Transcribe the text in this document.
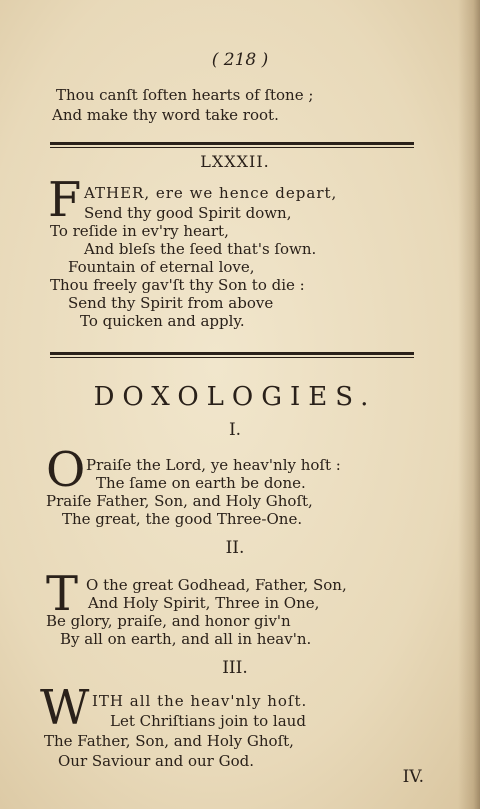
( 218 )
Thou canſt ſoften hearts of ſtone ;
And make thy word take root.
LXXXII.
F ATHER, ere we hence depart,
Send thy good Spirit down,
To reſide in ev'ry heart,
And bleſs the ſeed that's ſown.
Fountain of eternal love,
Thou freely gav'ſt thy Son to die :
Send thy Spirit from above
To quicken and apply.
DOXOLOGIES.
I.
O Praiſe the Lord, ye heav'nly hoſt :
The ſame on earth be done.
Praiſe Father, Son, and Holy Ghoſt,
The great, the good Three-One.
II.
T O the great Godhead, Father, Son,
And Holy Spirit, Three in One,
Be glory, praiſe, and honor giv'n
By all on earth, and all in heav'n.
III.
W ITH all the heav'nly hoſt.
Let Chriſtians join to laud
The Father, Son, and Holy Ghoſt,
Our Saviour and our God.
IV.
